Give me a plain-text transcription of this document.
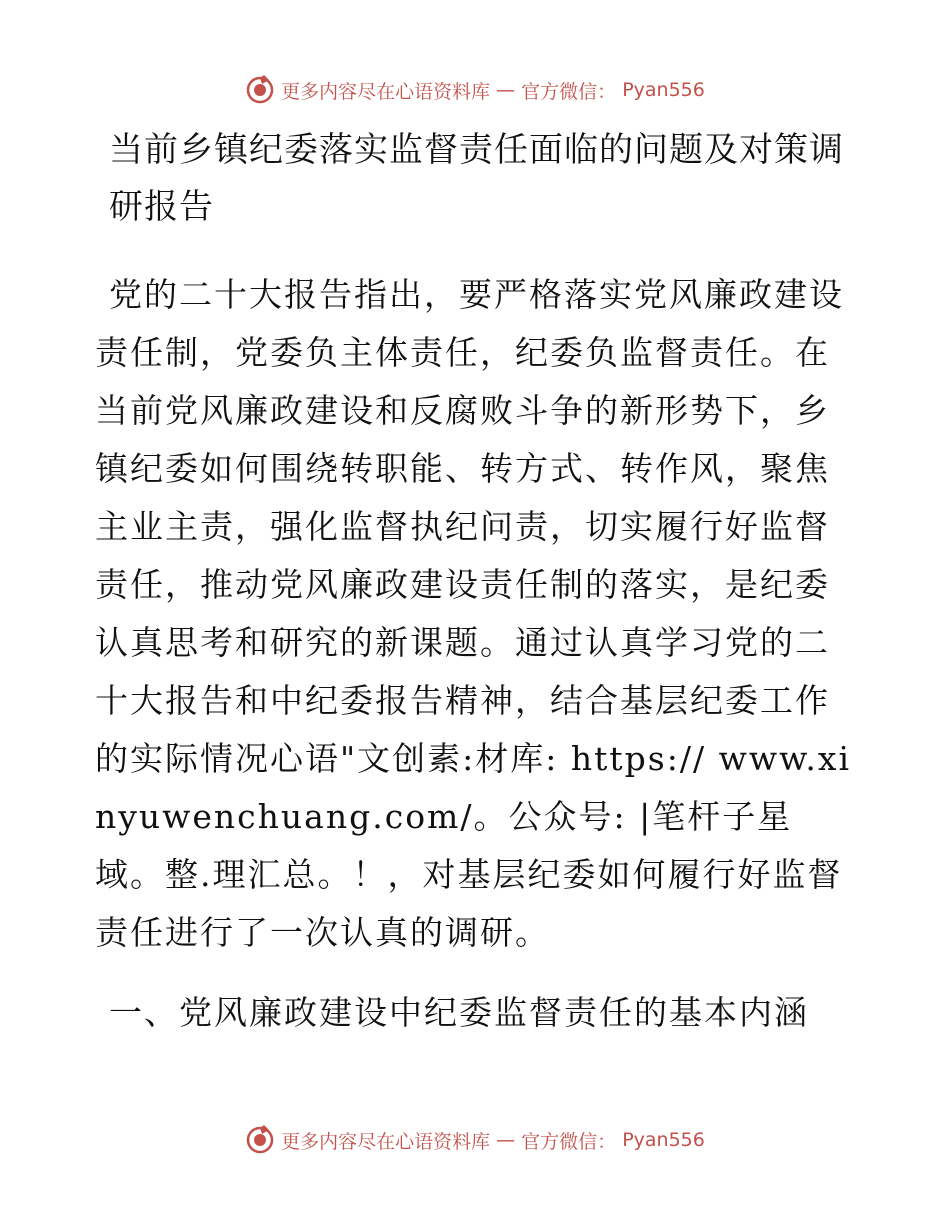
更多内容尽在心语资料库 — 官方微信： Pyan556
当前乡镇纪委落实监督责任面临的问题及对策调研报告

党的二十大报告指出，要严格落实党风廉政建设责任制，党委负主体责任，纪委负监督责任。在当前党风廉政建设和反腐败斗争的新形势下，乡镇纪委如何围绕转职能、转方式、转作风，聚焦主业主责，强化监督执纪问责，切实履行好监督责任，推动党风廉政建设责任制的落实，是纪委认真思考和研究的新课题。通过认真学习党的二十大报告和中纪委报告精神，结合基层纪委工作的实际情况心语"文创素:材库: https:// www.xinyuwenchuang.com/。公众号: |笔杆子星域。整.理汇总。！，对基层纪委如何履行好监督责任进行了一次认真的调研。

一、党风廉政建设中纪委监督责任的基本内涵
更多内容尽在心语资料库 — 官方微信： Pyan556
